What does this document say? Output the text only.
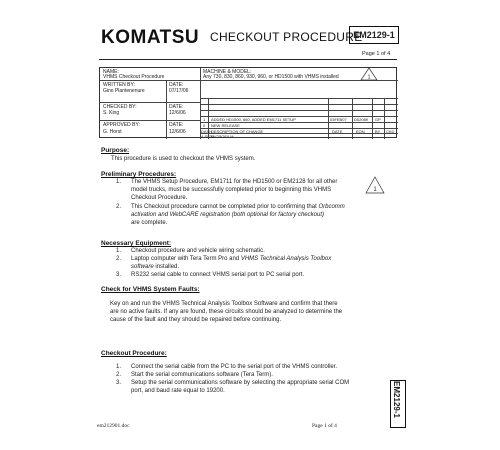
KOMATSU CHECKOUT PROCEDURE
EM2129-1
Page 1 of 4
NAME:
VHMS Checkout Procedure
MACHINE & MODEL:
Any 730, 830, 860, 930, 960, or HD1500 with VHMS installed	1
WRITTEN BY:
Gino Plantenenure
DATE:
07/17/06
CHECKED BY:
S. King
DATE:
12/6/06
APPROVED BY:
G. Horst
DATE:
12/6/06
1 ADDED HD1500, 860, ADDED EM1711 SETUP	03FEB07 D02089 GP
0 NEW RELEASE
DASH
DESCRIPTION OF CHANGE	DATE	EON	BY CKD
A SIZE
MICROFILM
Purpose:
This procedure is used to checkout the VHMS system.
Preliminary Procedures:
1. The VHMS Setup Procedure, EM1711 for the HD1500 or EM2128 for all other
model trucks, must be successfully completed prior to beginning this VHMS
Checkout Procedure.
2. This Checkout procedure cannot be completed prior to confirming that Orbcomm
activation and WebCARE registration (both optional for factory checkout)
are complete.
1
Necessary Equipment:
1. Checkout procedure and vehicle wiring schematic.
2. Laptop computer with Tera Term Pro and VHMS Technical Analysis Toolbox
software installed.
3. RS232 serial cable to connect VHMS serial port to PC serial port.
Check for VHMS System Faults:
Key on and run the VHMS Technical Analysis Toolbox Software and confirm that there
are no active faults. If any are found, these circuits should be analyzed to determine the
cause of the fault and they should be repaired before continuing.
Checkout Procedure:
1. Connect the serial cable from the PC to the serial port of the VHMS controller.
2. Start the serial communications software (Tera Term).
3. Setup the serial communications software by selecting the appropriate serial COM
port, and baud rate equal to 19200.	EM2129-1
em212901.doc	Page 1 of 4
